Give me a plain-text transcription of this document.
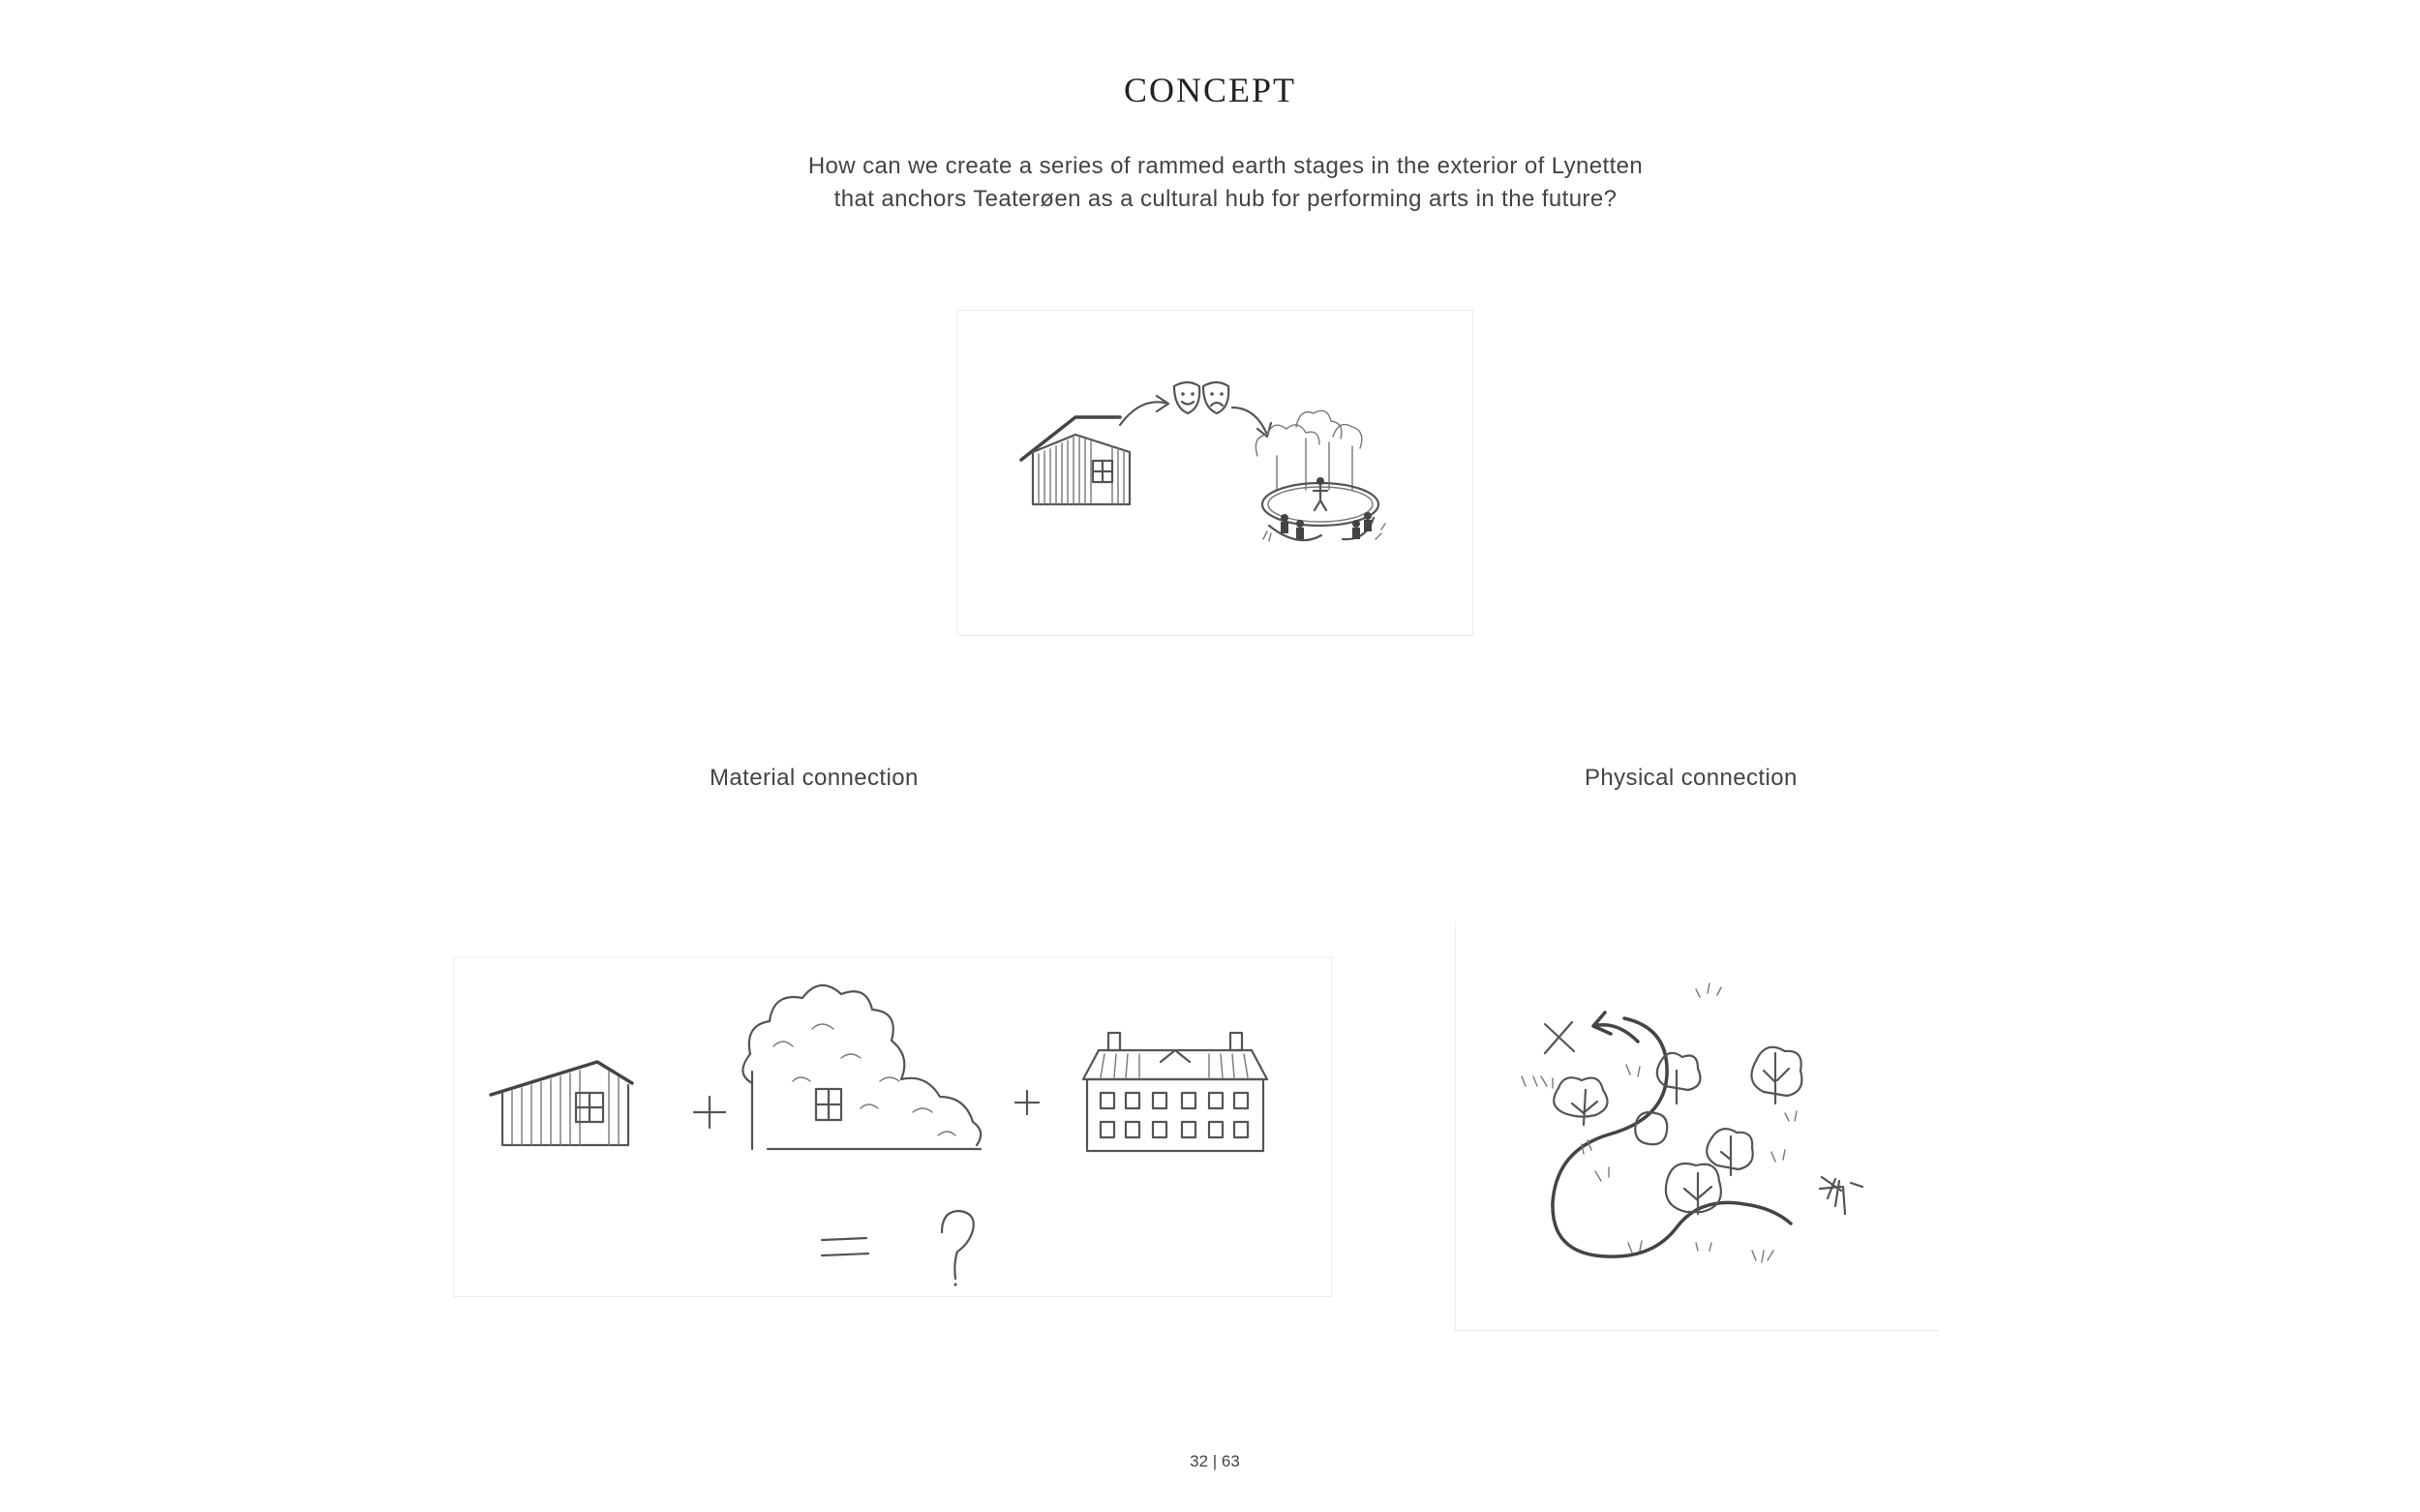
CONCEPT
How can we create a series of rammed earth stages in the exterior of Lynetten
that anchors Teaterøen as a cultural hub for performing arts in the future?
Material connection	Physical connection
32 | 63
